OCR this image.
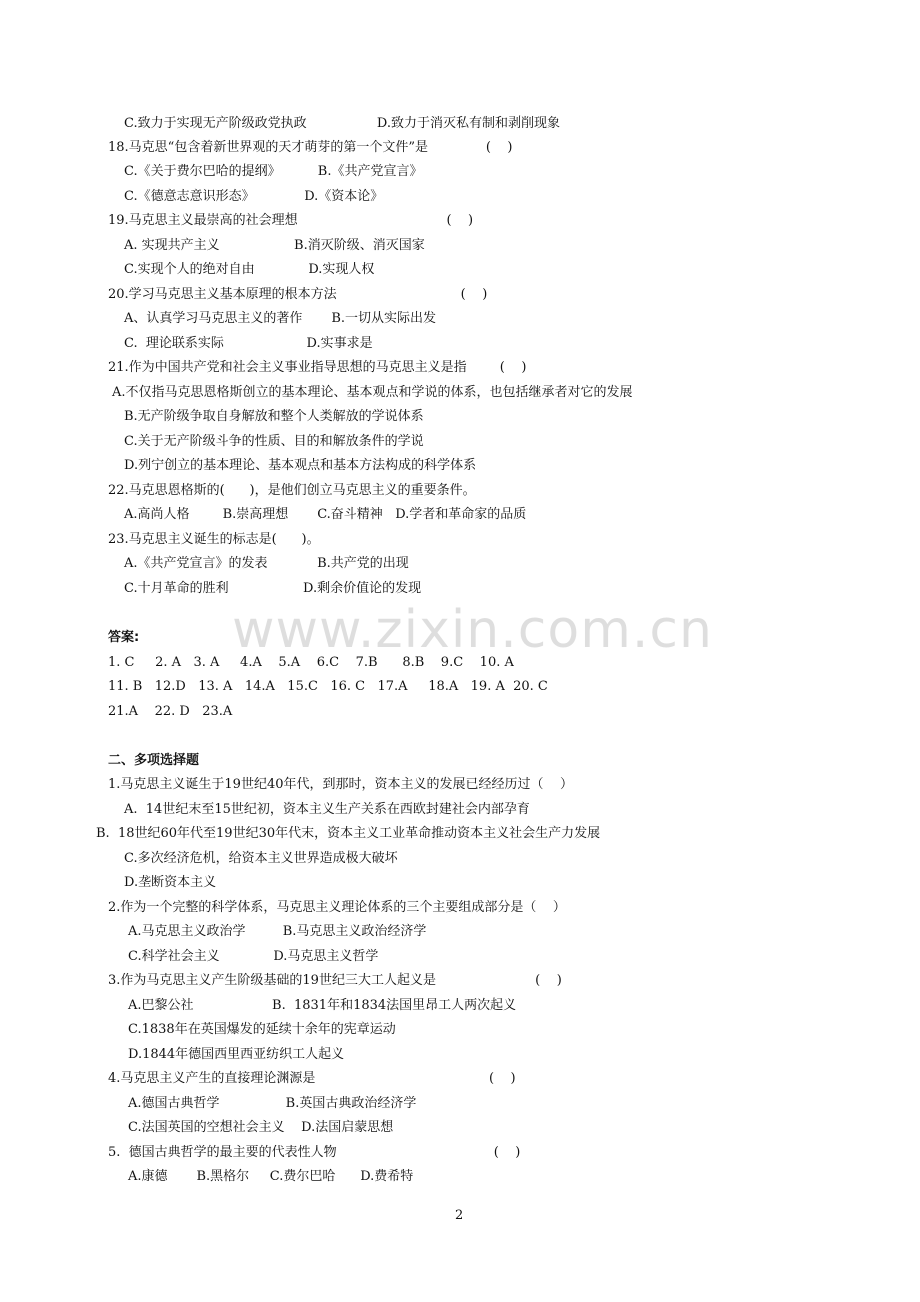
www.zixin.com.cn
C.致力于实现无产阶级政党执政                 D.致力于消灭私有制和剥削现象
18.马克思“包含着新世界观的天才萌芽的第一个文件”是              (    )
C.《关于费尔巴哈的提纲》         B.《共产党宣言》
C.《德意志意识形态》            D.《资本论》
19.马克思主义最崇高的社会理想                                    (    )
A. 实现共产主义                  B.消灭阶级、消灭国家
C.实现个人的绝对自由             D.实现人权
20.学习马克思主义基本原理的根本方法                              (    )
A、认真学习马克思主义的著作       B.一切从实际出发
C.  理论联系实际                    D.实事求是
21.作为中国共产党和社会主义事业指导思想的马克思主义是指        (    )
A.不仅指马克思恩格斯创立的基本理论、基本观点和学说的体系，也包括继承者对它的发展
B.无产阶级争取自身解放和整个人类解放的学说体系
C.关于无产阶级斗争的性质、目的和解放条件的学说
D.列宁创立的基本理论、基本观点和基本方法构成的科学体系
22.马克思恩格斯的(      )，是他们创立马克思主义的重要条件。
A.高尚人格        B.崇高理想       C.奋斗精神   D.学者和革命家的品质
23.马克思主义诞生的标志是(      )。
A.《共产党宣言》的发表            B.共产党的出现
C.十月革命的胜利                  D.剩余价值论的发现
答案:
1. C     2. A   3. A     4.A    5.A    6.C    7.B      8.B    9.C    10. A
11. B   12.D   13. A   14.A   15.C   16. C   17.A     18.A   19. A  20. C
21.A    22. D   23.A
二、多项选择题
1.马克思主义诞生于19世纪40年代，到那时，资本主义的发展已经经历过（    ）
A.  14世纪末至15世纪初，资本主义生产关系在西欧封建社会内部孕育
B.  18世纪60年代至19世纪30年代末，资本主义工业革命推动资本主义社会生产力发展
C.多次经济危机，给资本主义世界造成极大破坏
D.垄断资本主义
2.作为一个完整的科学体系，马克思主义理论体系的三个主要组成部分是（    ）
A.马克思主义政治学         B.马克思主义政治经济学
C.科学社会主义             D.马克思主义哲学
3.作为马克思主义产生阶级基础的19世纪三大工人起义是                        (    )
A.巴黎公社                   B.  1831年和1834法国里昂工人两次起义
C.1838年在英国爆发的延续十余年的宪章运动
D.1844年德国西里西亚纺织工人起义
4.马克思主义产生的直接理论渊源是                                          (    )
A.德国古典哲学                B.英国古典政治经济学
C.法国英国的空想社会主义    D.法国启蒙思想
5.  德国古典哲学的最主要的代表性人物                                      (    )
A.康德       B.黑格尔     C.费尔巴哈      D.费希特
2
